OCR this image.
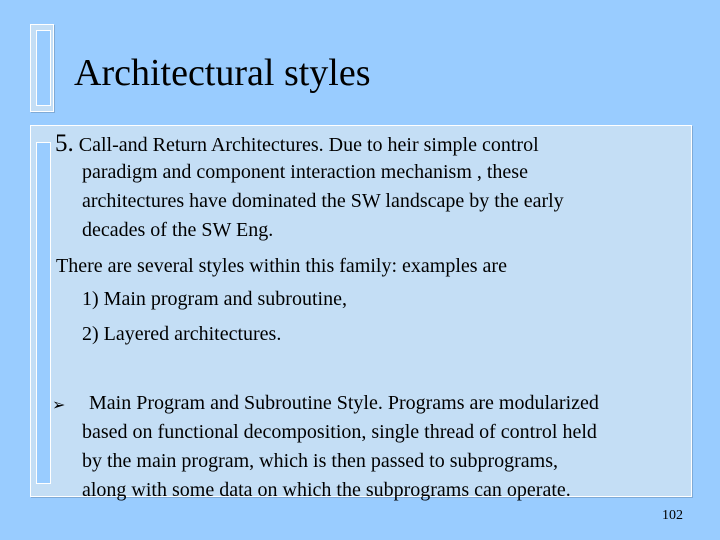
Architectural styles
5. Call-and Return Architectures. Due to heir simple control
paradigm and component interaction mechanism , these
architectures have dominated the SW landscape by the early
decades of the SW Eng.
There are several styles within this family: examples are
1) Main program and subroutine,
2) Layered architectures.
➢ Main Program and Subroutine Style. Programs are modularized
based on functional decomposition, single thread of control held
by the main program, which is then passed to subprograms,
along with some data on which the subprograms can operate.
102
